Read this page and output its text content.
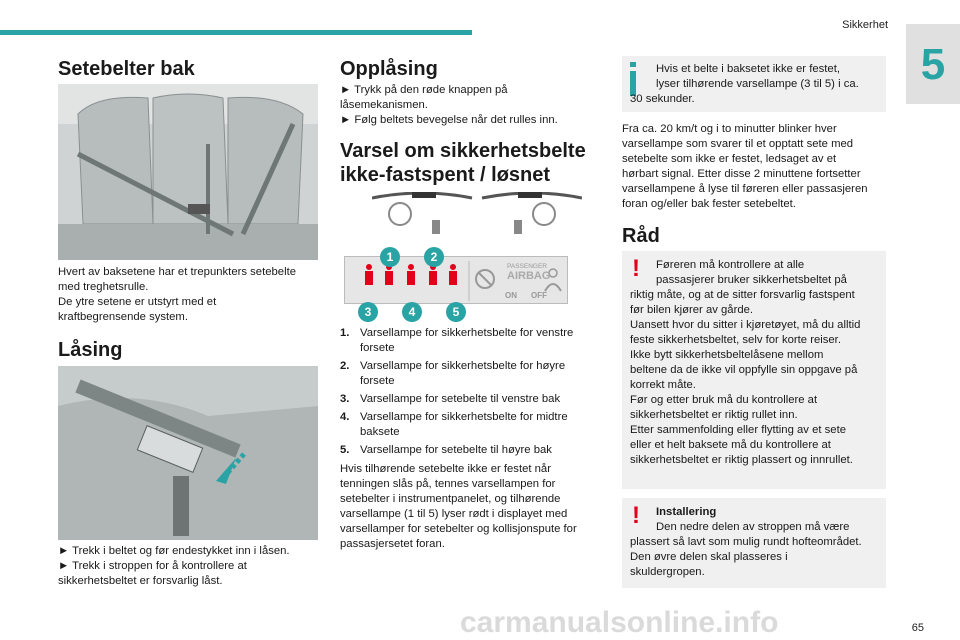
Sikkerhet
5
Setebelter bak

Hvert av baksetene har et trepunkters setebelte

med treghetsrulle.

De ytre setene er utstyrt med et

kraftbegrensende system.

Låsing

► Trekk i beltet og før endestykket inn i låsen.

► Trekk i stroppen for å kontrollere at

sikkerhetsbeltet er forsvarlig låst.

Opplåsing

► Trykk på den røde knappen på

låsemekanismen.

► Følg beltets bevegelse når det rulles inn.

Varsel om sikkerhetsbelte
ikke-fastspent / løsnet
PASSENGER
AIRBAG
ON OFF
1	2
3	4	5
1. Varsellampe for sikkerhetsbelte for venstre
forsete
2. Varsellampe for sikkerhetsbelte for høyre
forsete
3. Varsellampe for setebelte til venstre bak
4. Varsellampe for sikkerhetsbelte for midtre
baksete
5. Varsellampe for setebelte til høyre bak

Hvis tilhørende setebelte ikke er festet når

tenningen slås på, tennes varsellampen for

setebelter i instrumentpanelet, og tilhørende

varsellampe (1 til 5) lyser rødt i displayet med

varsellamper for setebelter og kollisjonspute for

passasjersetet foran.

Hvis et belte i baksetet ikke er festet,
lyser tilhørende varsellampe (3 til 5) i ca.
30 sekunder.

Fra ca. 20 km/t og i to minutter blinker hver

varsellampe som svarer til et opptatt sete med

setebelte som ikke er festet, ledsaget av et

hørbart signal. Etter disse 2 minuttene fortsetter

varsellampene å lyse til føreren eller passasjeren

foran og/eller bak fester setebeltet.

Råd
! Føreren må kontrollere at alle
passasjerer bruker sikkerhetsbeltet på

riktig måte, og at de sitter forsvarlig fastspent

før bilen kjører av gårde.

Uansett hvor du sitter i kjøretøyet, må du alltid

feste sikkerhetsbeltet, selv for korte reiser.

Ikke bytt sikkerhetsbeltelåsene mellom

beltene da de ikke vil oppfylle sin oppgave på

korrekt måte.

Før og etter bruk må du kontrollere at

sikkerhetsbeltet er riktig rullet inn.

Etter sammenfolding eller flytting av et sete

eller et helt baksete må du kontrollere at

sikkerhetsbeltet er riktig plassert og innrullet.

! Installering
Den nedre delen av stroppen må være

plassert så lavt som mulig rundt hofteområdet.

Den øvre delen skal plasseres i

skuldergropen.

carmanualsonline.info	65
